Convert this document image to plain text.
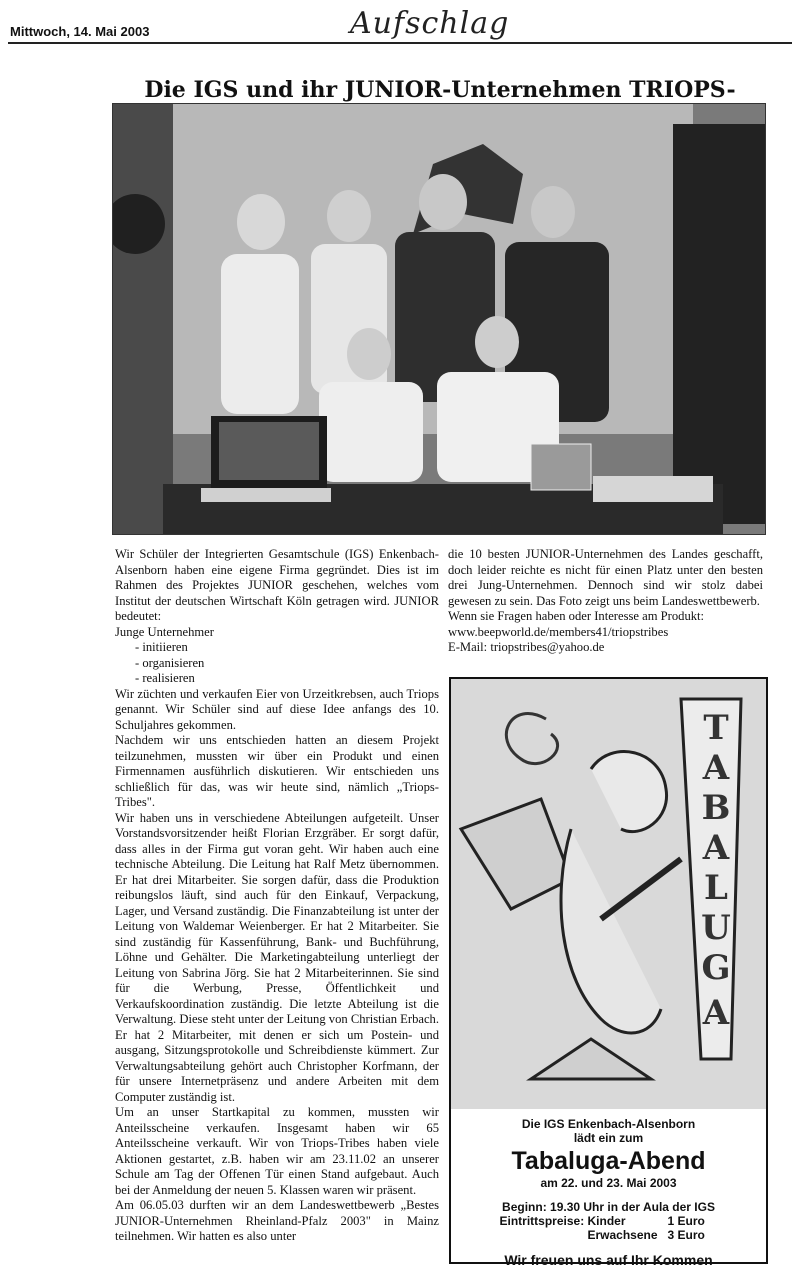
Mittwoch, 14. Mai 2003	Aufschlag
Die IGS und ihr JUNIOR-Unternehmen TRIOPS-

Wir Schüler der Integrierten Gesamtschule (IGS) Enkenbach-Alsenborn haben eine eigene Firma gegründet. Dies ist im Rahmen des Projektes JUNIOR geschehen, welches vom Institut der deutschen Wirtschaft Köln getragen wird. JUNIOR bedeutet:

Junge Unternehmer

- initiieren

- organisieren

- realisieren

Wir züchten und verkaufen Eier von Urzeitkrebsen, auch Triops genannt. Wir Schüler sind auf diese Idee anfangs des 10. Schuljahres gekommen.

Nachdem wir uns entschieden hatten an diesem Projekt teilzunehmen, mussten wir über ein Produkt und einen Firmennamen ausführlich diskutieren. Wir entschieden uns schließlich für das, was wir heute sind, nämlich „Triops-Tribes".

Wir haben uns in verschiedene Abteilungen aufgeteilt. Unser Vorstandsvorsitzender heißt Florian Erzgräber. Er sorgt dafür, dass alles in der Firma gut voran geht. Wir haben auch eine technische Abteilung. Die Leitung hat Ralf Metz übernommen. Er hat drei Mitarbeiter. Sie sorgen dafür, dass die Produktion reibungslos läuft, sind auch für den Einkauf, Verpackung, Lager, und Versand zuständig. Die Finanzabteilung ist unter der Leitung von Waldemar Weienberger. Er hat 2 Mitarbeiter. Sie sind zuständig für Kassenführung, Bank- und Buchführung, Löhne und Gehälter. Die Marketingabteilung unterliegt der Leitung von Sabrina Jörg. Sie hat 2 Mitarbeiterinnen. Sie sind für die Werbung, Presse, Öffentlichkeit und Verkaufskoordination zuständig. Die letzte Abteilung ist die Verwaltung. Diese steht unter der Leitung von Christian Erbach. Er hat 2 Mitarbeiter, mit denen er sich um Postein- und ausgang, Sitzungsprotokolle und Schreibdienste kümmert. Zur Verwaltungsabteilung gehört auch Christopher Korfmann, der für unsere Internetpräsenz und andere Arbeiten mit dem Computer zuständig ist.

Um an unser Startkapital zu kommen, mussten wir Anteilsscheine verkaufen. Insgesamt haben wir 65 Anteilsscheine verkauft. Wir von Triops-Tribes haben viele Aktionen gestartet, z.B. haben wir am 23.11.02 an unserer Schule am Tag der Offenen Tür einen Stand aufgebaut. Auch bei der Anmeldung der neuen 5. Klassen waren wir präsent.

Am 06.05.03 durften wir an dem Landeswettbewerb „Bestes JUNIOR-Unternehmen Rheinland-Pfalz 2003" in Mainz teilnehmen. Wir hatten es also unter

die 10 besten JUNIOR-Unternehmen des Landes geschafft, doch leider reichte es nicht für einen Platz unter den besten drei Jung-Unternehmen. Dennoch sind wir stolz dabei gewesen zu sein. Das Foto zeigt uns beim Landeswettbewerb.

Wenn sie Fragen haben oder Interesse am Produkt:

www.beepworld.de/members41/triopstribes

E-Mail: triopstribes@yahoo.de

T
A
B
A
L
U
G
A
Die IGS Enkenbach-Alsenborn
lädt ein zum
Tabaluga-Abend
am 22. und 23. Mai 2003
Beginn: 19.30 Uhr in der Aula der IGS
Eintrittspreise: Kinder	1 Euro
Erwachsene 3 Euro
Wir freuen uns auf Ihr Kommen
